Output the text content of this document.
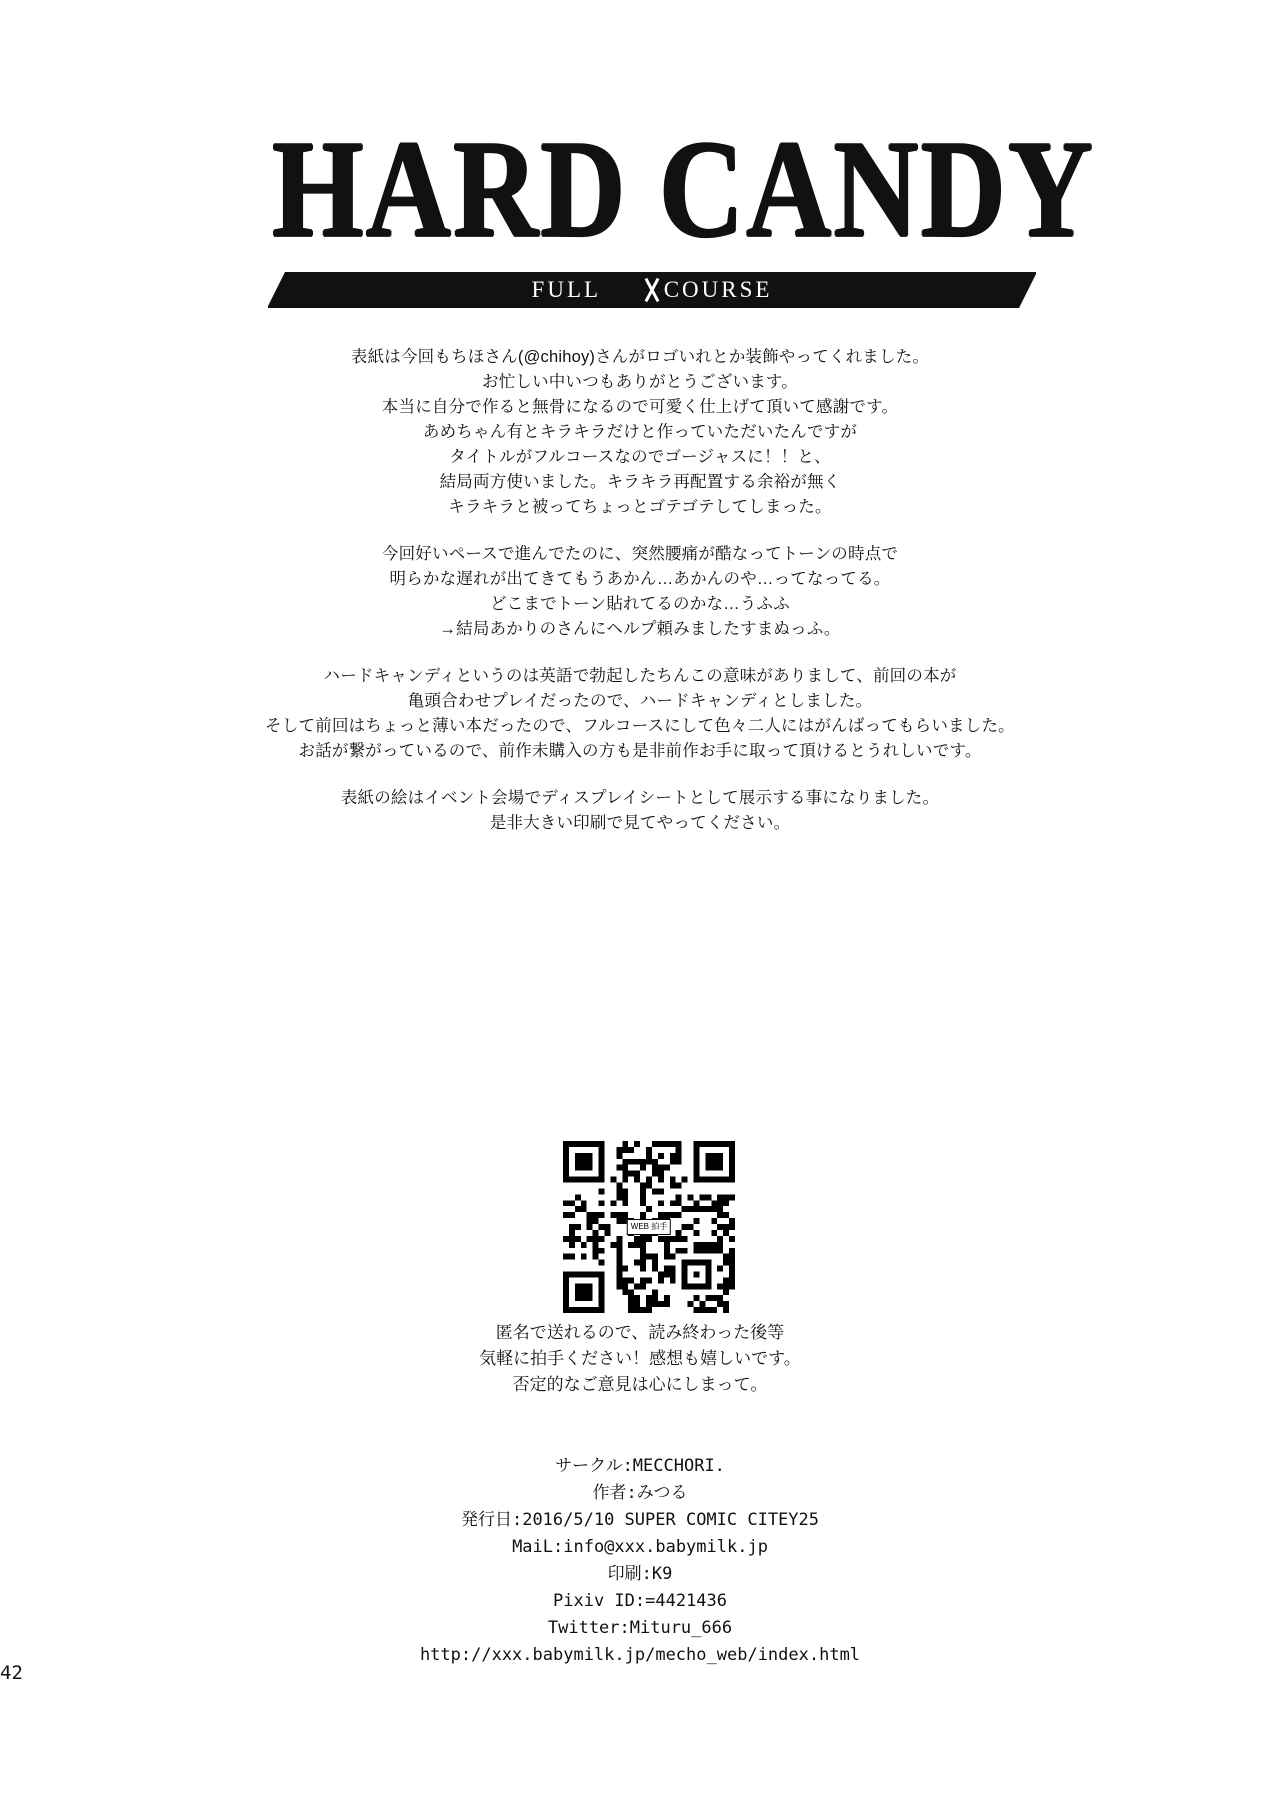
HARD CANDY
FULL	COURSE

表紙は今回もちほさん(@chihoy)さんがロゴいれとか装飾やってくれました。
お忙しい中いつもありがとうございます。
本当に自分で作ると無骨になるので可愛く仕上げて頂いて感謝です。
あめちゃん有とキラキラだけと作っていただいたんですが
タイトルがフルコースなのでゴージャスに！！と、
結局両方使いました。キラキラ再配置する余裕が無く
キラキラと被ってちょっとゴテゴテしてしまった。

今回好いペースで進んでたのに、突然腰痛が酷なってトーンの時点で
明らかな遅れが出てきてもうあかん…あかんのや…ってなってる。
どこまでトーン貼れてるのかな…うふふ
→結局あかりのさんにヘルプ頼みましたすまぬっふ。

ハードキャンディというのは英語で勃起したちんこの意味がありまして、前回の本が
亀頭合わせプレイだったので、ハードキャンディとしました。
そして前回はちょっと薄い本だったので、フルコースにして色々二人にはがんばってもらいました。
お話が繋がっているので、前作未購入の方も是非前作お手に取って頂けるとうれしいです。

表紙の絵はイベント会場でディスプレイシートとして展示する事になりました。
是非大きい印刷で見てやってください。

WEB 拍手
匿名で送れるので、読み終わった後等
気軽に拍手ください！感想も嬉しいです。
否定的なご意見は心にしまって。
サークル:MECCHORI.
作者:みつる
発行日:2016/5/10 SUPER COMIC CITEY25
MaiL:info@xxx.babymilk.jp
印刷:K9
Pixiv ID:=4421436
Twitter:Mituru_666
http://xxx.babymilk.jp/mecho_web/index.html
42
